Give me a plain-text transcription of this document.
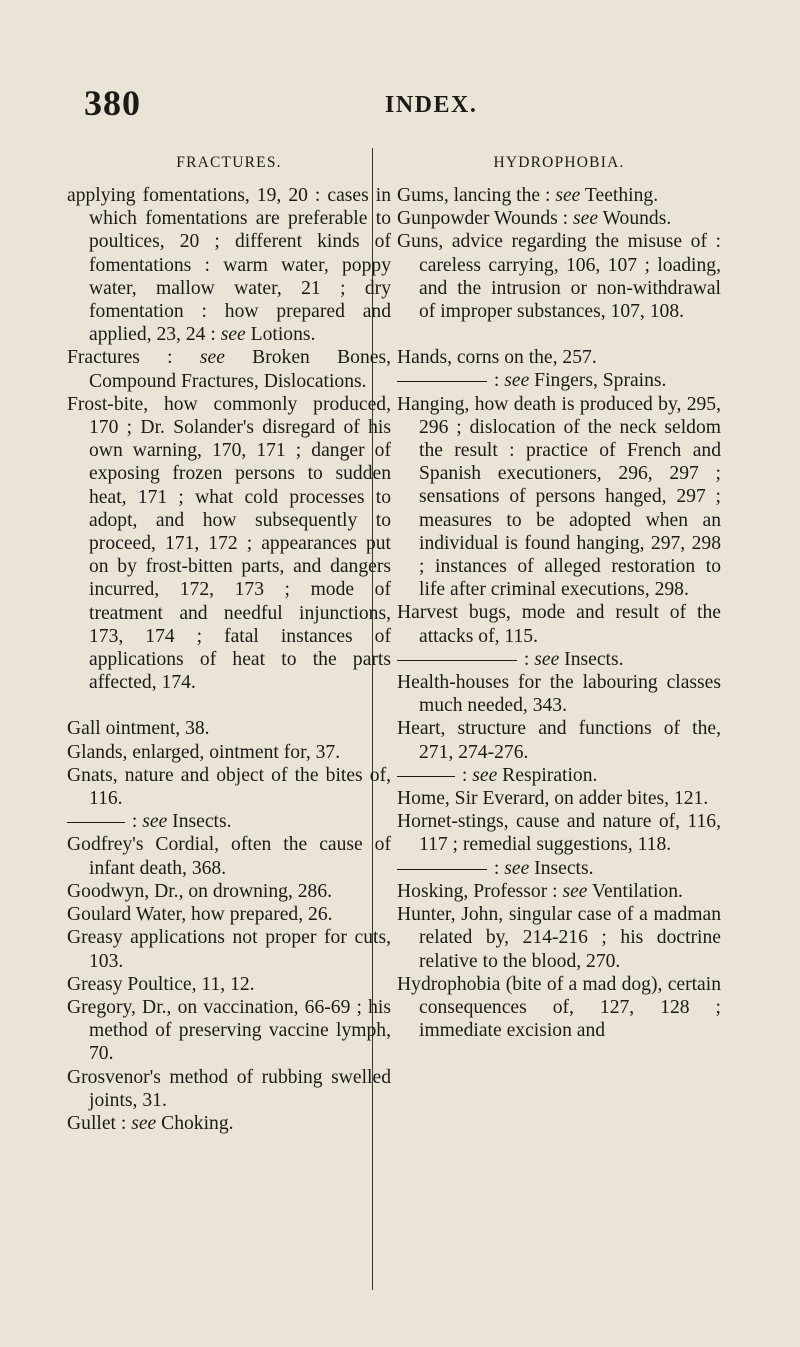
380	INDEX.
FRACTURES.

applying fomentations, 19, 20 : cases in which fomentations are preferable to poultices, 20 ; different kinds of fomentations : warm water, poppy water, mallow water, 21 ; dry fomentation : how prepared and applied, 23, 24 : see Lotions.

Fractures : see Broken Bones, Compound Fractures, Dislocations.

Frost-bite, how commonly produced, 170 ; Dr. Solander's disregard of his own warning, 170, 171 ; danger of exposing frozen persons to sudden heat, 171 ; what cold processes to adopt, and how subsequently to proceed, 171, 172 ; appearances put on by frost-bitten parts, and dangers incurred, 172, 173 ; mode of treatment and needful injunctions, 173, 174 ; fatal instances of applications of heat to the parts affected, 174.

Gall ointment, 38.

Glands, enlarged, ointment for, 37.

Gnats, nature and object of the bites of, 116.

: see Insects.

Godfrey's Cordial, often the cause of infant death, 368.

Goodwyn, Dr., on drowning, 286.

Goulard Water, how prepared, 26.

Greasy applications not proper for cuts, 103.

Greasy Poultice, 11, 12.

Gregory, Dr., on vaccination, 66-69 ; his method of preserving vaccine lymph, 70.

Grosvenor's method of rubbing swelled joints, 31.

Gullet : see Choking.

HYDROPHOBIA.

Gums, lancing the : see Teething.

Gunpowder Wounds : see Wounds.

Guns, advice regarding the misuse of : careless carrying, 106, 107 ; loading, and the intrusion or non-withdrawal of improper substances, 107, 108.

Hands, corns on the, 257.

: see Fingers, Sprains.

Hanging, how death is produced by, 295, 296 ; dislocation of the neck seldom the result : practice of French and Spanish executioners, 296, 297 ; sensations of persons hanged, 297 ; measures to be adopted when an individual is found hanging, 297, 298 ; instances of alleged restoration to life after criminal executions, 298.

Harvest bugs, mode and result of the attacks of, 115.

: see Insects.

Health-houses for the labouring classes much needed, 343.

Heart, structure and functions of the, 271, 274-276.

: see Respiration.

Home, Sir Everard, on adder bites, 121.

Hornet-stings, cause and nature of, 116, 117 ; remedial suggestions, 118.

: see Insects.

Hosking, Professor : see Ventilation.

Hunter, John, singular case of a madman related by, 214-216 ; his doctrine relative to the blood, 270.

Hydrophobia (bite of a mad dog), certain consequences of, 127, 128 ; immediate excision and
